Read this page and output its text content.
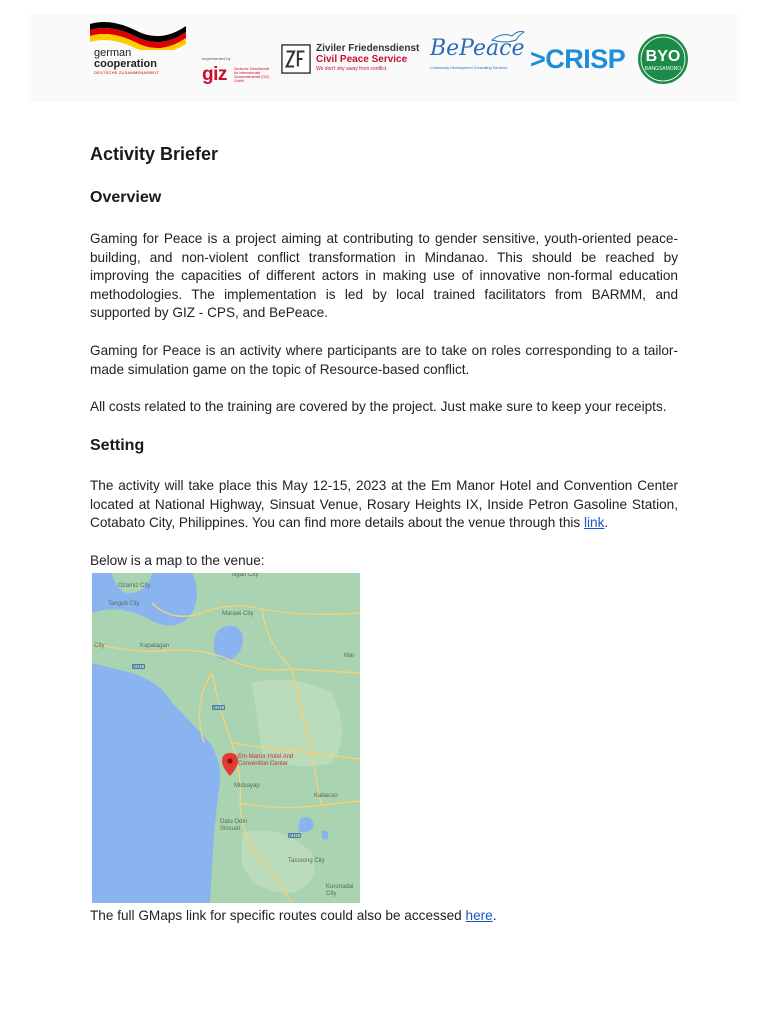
german
cooperation
DEUTSCHE ZUSAMMENARBEIT
Implemented by
giz Deutsche Gesellschaft für Internationale Zusammenarbeit (GIZ) GmbH
Ziviler Friedensdienst
Civil Peace Service
We don't shy away from conflict.
BePeace
Community Development Consulting Services >CRISP BYO
BANGSAMORO
Activity Briefer
Overview

Gaming for Peace is a project aiming at contributing to gender sensitive, youth-oriented peace-building, and non-violent conflict transformation in Mindanao. This should be reached by improving the capacities of different actors in making use of innovative non-formal education methodologies. The implementation is led by local trained facilitators from BARMM, and supported by GIZ - CPS, and BePeace.

Gaming for Peace is an activity where participants are to take on roles corresponding to a tailor-made simulation game on the topic of Resource-based conflict.

All costs related to the training are covered by the project. Just make sure to keep your receipts.

Setting

The activity will take place this May 12-15, 2023 at the Em Manor Hotel and Convention Center located at National Highway, Sinsuat Venue, Rosary Heights IX, Inside Petron Gasoline Station, Cotabato City, Philippines. You can find more details about the venue through this link.

Below is a map to the venue:

Iligan City
Ozamiz City
Tangub City
Marawi City
City	Kapatagan
Mar
AH26
AH26
AH26
Em Manor Hotel And
Convention Center
Midsayap
Kabacan
Datu Odin
Sinsuat
Tacurong City
Koronadal
City

The full GMaps link for specific routes could also be accessed here.
